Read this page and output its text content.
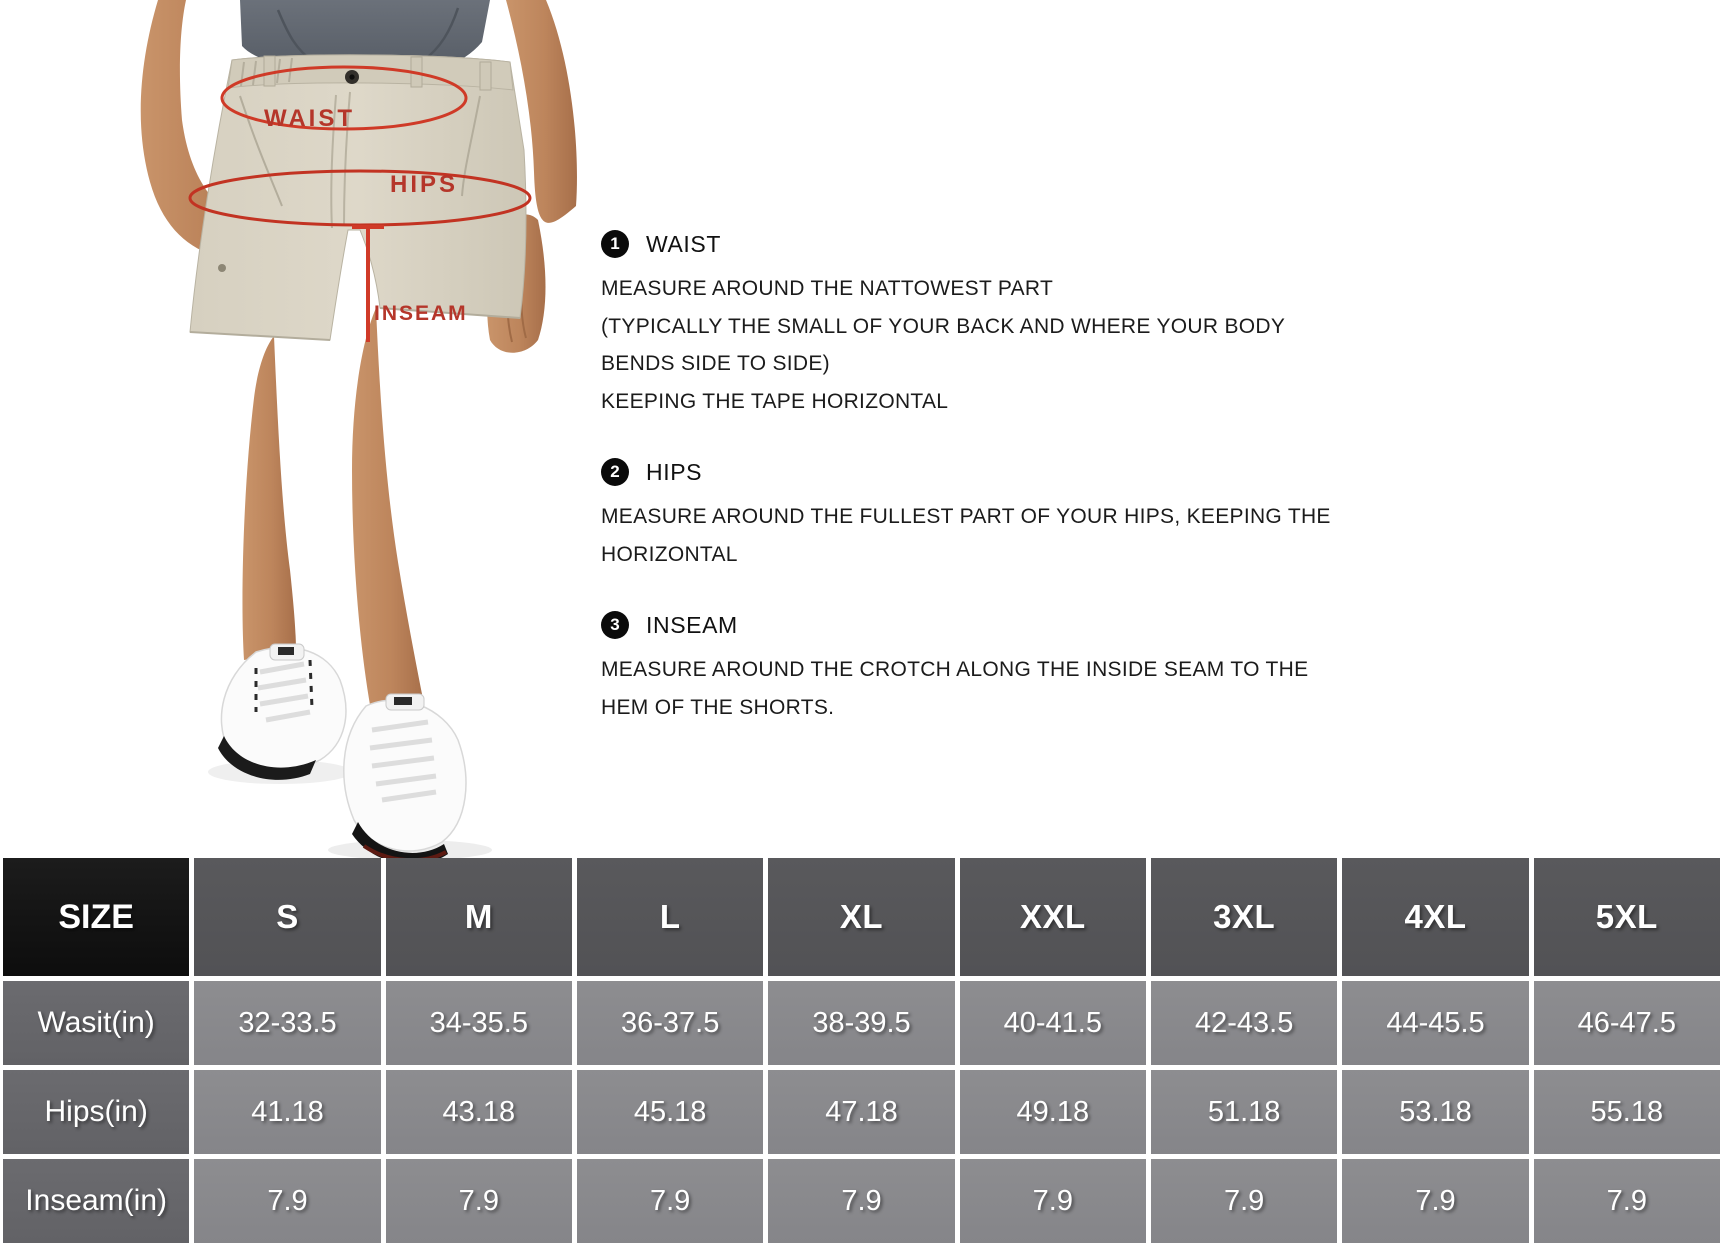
WAIST
HIPS
INSEAM
1	WAIST

MEASURE AROUND THE NATTOWEST PART

(TYPICALLY THE SMALL OF YOUR BACK AND WHERE YOUR BODY

BENDS SIDE TO SIDE)

KEEPING THE TAPE HORIZONTAL

2	HIPS

MEASURE AROUND THE FULLEST PART OF YOUR HIPS, KEEPING THE

HORIZONTAL

3	INSEAM

MEASURE AROUND THE CROTCH ALONG THE INSIDE SEAM TO THE

HEM OF THE SHORTS.

SIZE	S	M	L	XL	XXL	3XL	4XL	5XL
Wasit(in)	32-33.5	34-35.5	36-37.5	38-39.5	40-41.5	42-43.5	44-45.5	46-47.5
Hips(in)	41.18	43.18	45.18	47.18	49.18	51.18	53.18	55.18
Inseam(in)	7.9	7.9	7.9	7.9	7.9	7.9	7.9	7.9
